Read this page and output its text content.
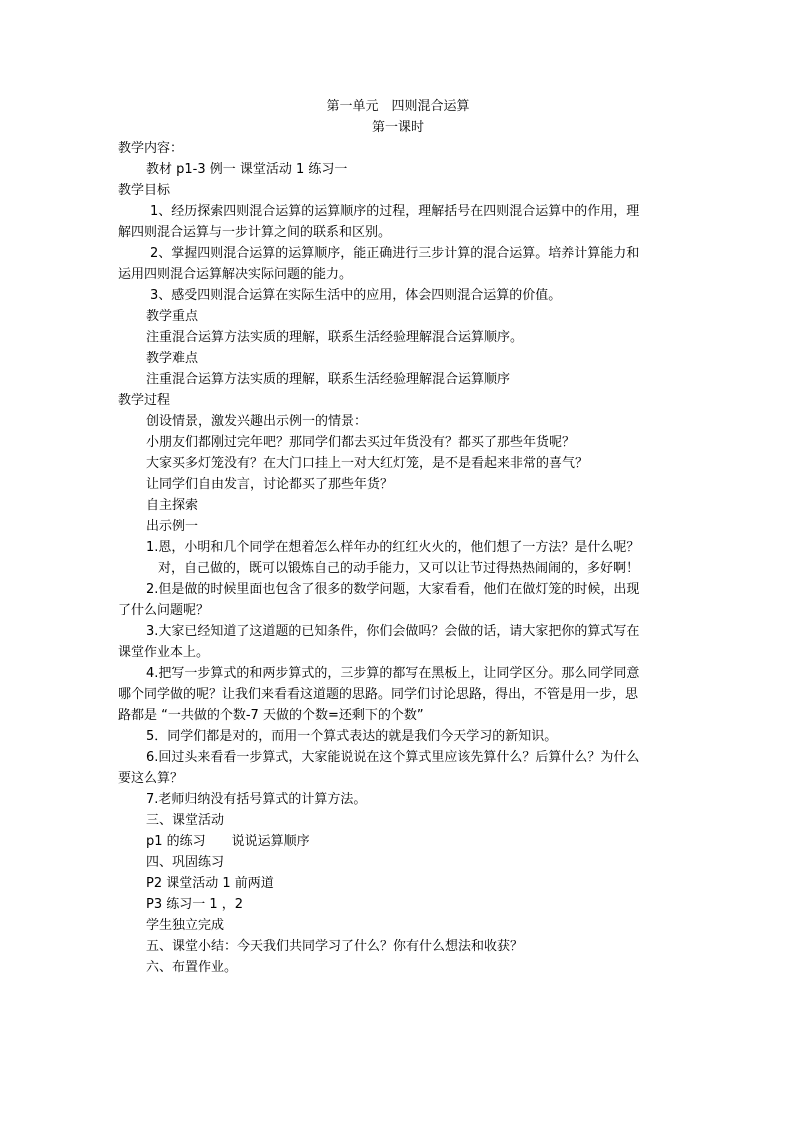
第一单元　四则混合运算
第一课时
教学内容：
教材 p1-3 例一 课堂活动 1 练习一
教学目标
1、经历探索四则混合运算的运算顺序的过程，理解括号在四则混合运算中的作用，理
解四则混合运算与一步计算之间的联系和区别。
2、掌握四则混合运算的运算顺序，能正确进行三步计算的混合运算。培养计算能力和
运用四则混合运算解决实际问题的能力。
3、感受四则混合运算在实际生活中的应用，体会四则混合运算的价值。
教学重点
注重混合运算方法实质的理解，联系生活经验理解混合运算顺序。
教学难点
注重混合运算方法实质的理解，联系生活经验理解混合运算顺序
教学过程
创设情景，激发兴趣出示例一的情景：
小朋友们都刚过完年吧？那同学们都去买过年货没有？都买了那些年货呢？
大家买多灯笼没有？在大门口挂上一对大红灯笼，是不是看起来非常的喜气？
让同学们自由发言，讨论都买了那些年货？
自主探索
出示例一
1.恩，小明和几个同学在想着怎么样年办的红红火火的，他们想了一方法？是什么呢？
对，自己做的，既可以锻炼自己的动手能力，又可以让节过得热热闹闹的，多好啊！
2.但是做的时候里面也包含了很多的数学问题，大家看看，他们在做灯笼的时候，出现
了什么问题呢？
3.大家已经知道了这道题的已知条件，你们会做吗？会做的话，请大家把你的算式写在
课堂作业本上。
4.把写一步算式的和两步算式的，三步算的都写在黑板上，让同学区分。那么同学同意
哪个同学做的呢？让我们来看看这道题的思路。同学们讨论思路，得出，不管是用一步，思
路都是 “一共做的个数-7 天做的个数=还剩下的个数”
5．同学们都是对的，而用一个算式表达的就是我们今天学习的新知识。
6.回过头来看看一步算式，大家能说说在这个算式里应该先算什么？后算什么？为什么
要这么算？
7.老师归纳没有括号算式的计算方法。
三、课堂活动
p1 的练习　　说说运算顺序
四、巩固练习
P2 课堂活动 1 前两道
P3 练习一 1 ，2
学生独立完成
五、课堂小结：今天我们共同学习了什么？你有什么想法和收获？
六、布置作业。
